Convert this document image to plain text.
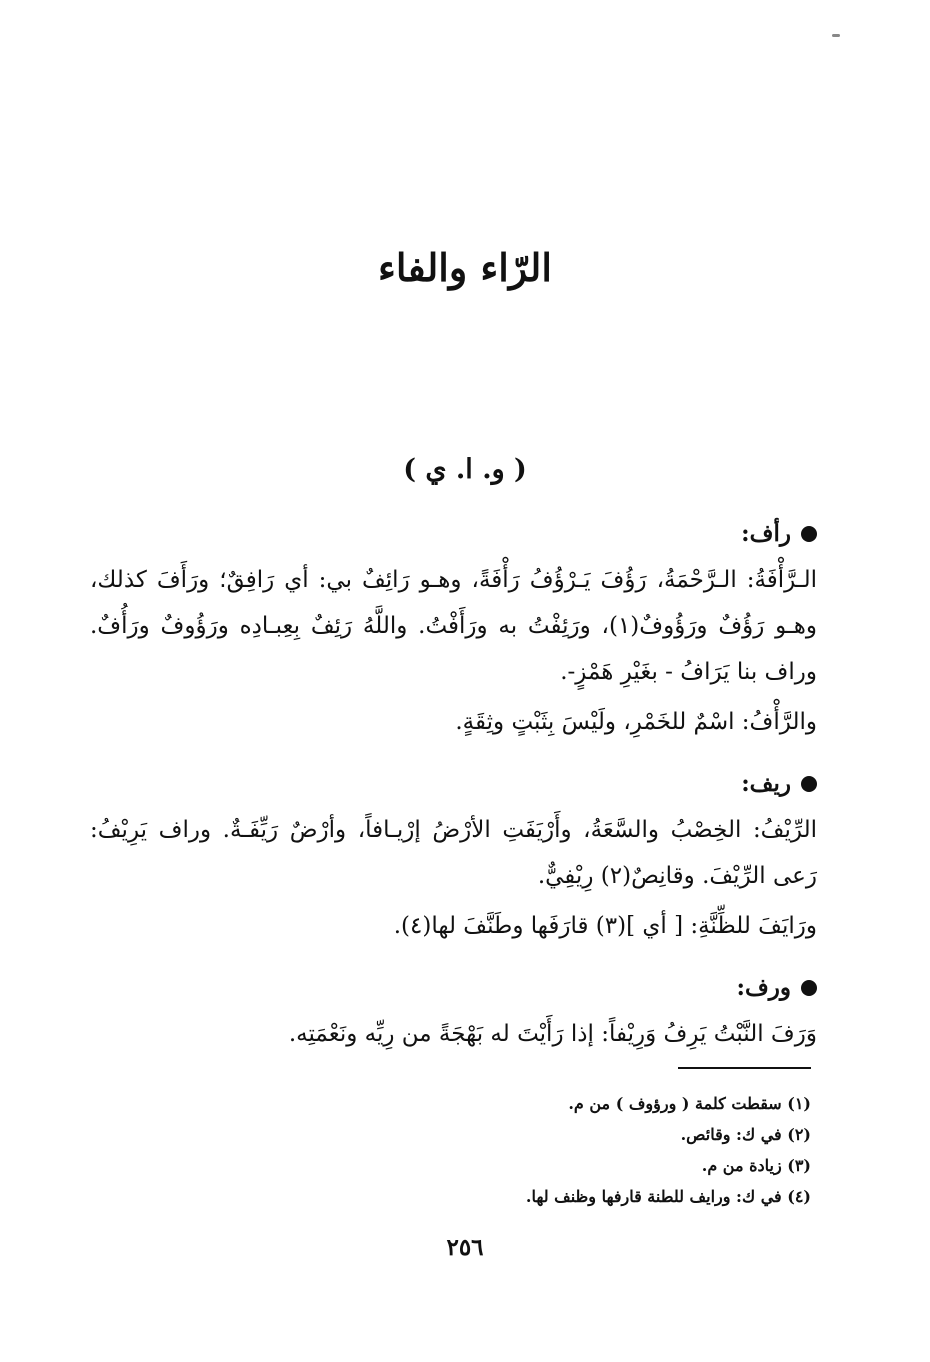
الرّاء والفاء
( و. ا. ي )
رأف:

الـرَّأْفَةُ: الـرَّحْمَةُ، رَؤُفَ يَـرْؤُفُ رَأْفَةً، وهـو رَائِفٌ بي: أي رَافِقٌ؛ ورَأَفَ كذلك، وهـو رَؤُفٌ ورَؤُوفٌ(١)، ورَئِفْتُ به ورَأَفْتُ. واللَّهُ رَئِفٌ بِعِبـادِه ورَؤُوفٌ ورَأُفٌ. وراف بنا يَرَافُ - بغَيْرِ هَمْزٍ-.

والرَّأْفُ: اسْمٌ للخَمْرِ، ولَيْسَ بِثَبْتٍ وثِقَةٍ.

ريف:

الرِّيْفُ: الخِصْبُ والسَّعَةُ، وأَرْيَفَتِ الأرْضُ إرْيـافاً، وأرْضٌ رَيِّفَـةٌ. وراف يَرِيْفُ: رَعى الرِّيْفَ. وقانِصٌ(٢) رِيْفِيٌّ.

ورَايَفَ للظِّنَّةِ: [ أي ](٣) قارَفَها وطَنَّفَ لها(٤).

ورف:

وَرَفَ النَّبْتُ يَرِفُ وَرِيْفاً: إذا رَأَيْتَ له بَهْجَةً من رِيِّه ونَعْمَتِه.

(١) سقطت كلمة ( ورؤوف ) من م.
(٢) في ك: وقائص.
(٣) زيادة من م.
(٤) في ك: ورايف للطنة قارفها وظنف لها.
٢٥٦
